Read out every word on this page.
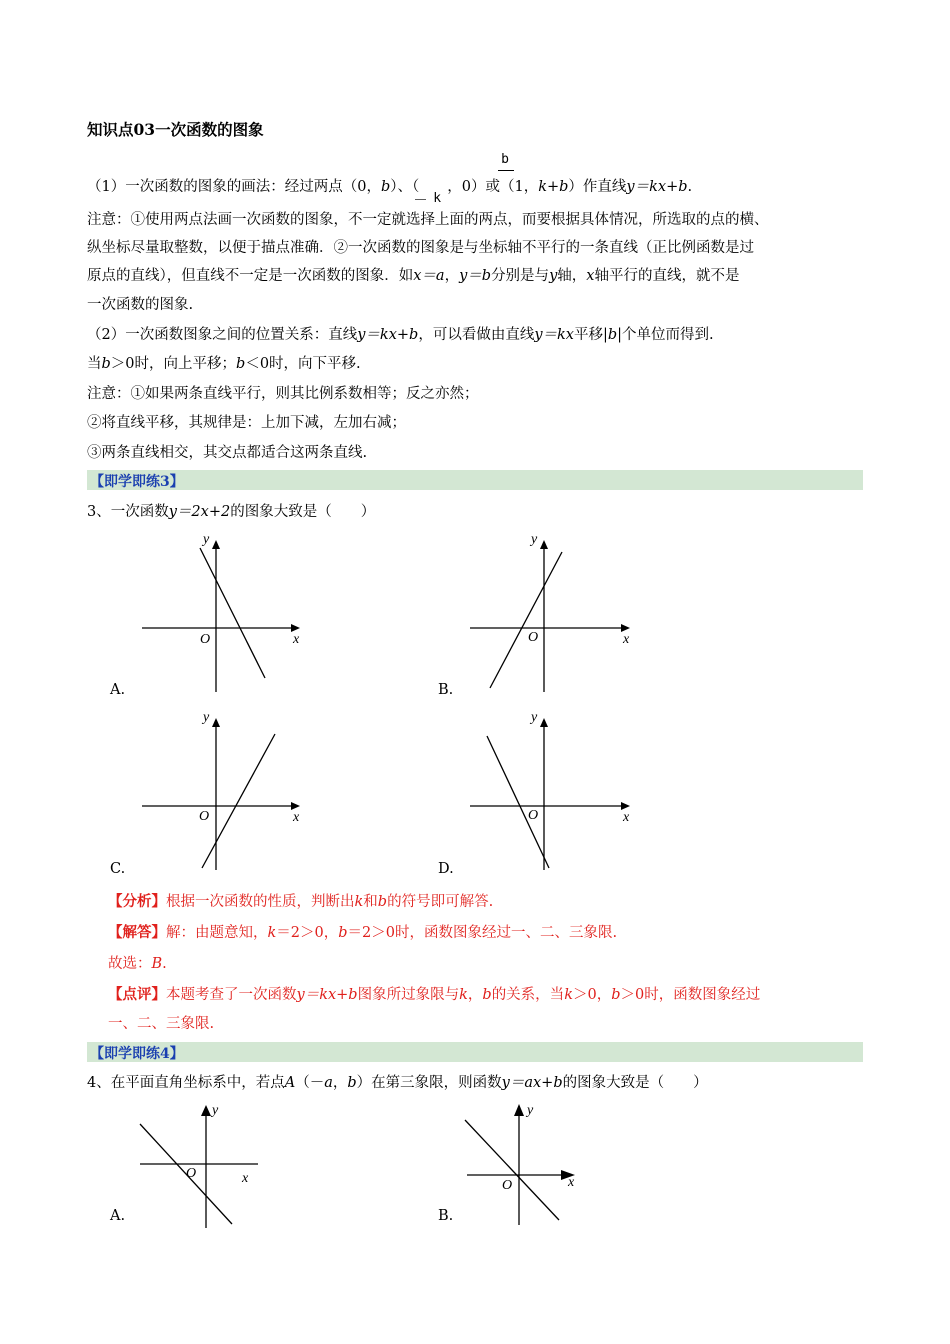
知识点03一次函数的图象
b
（1）一次函数的图象的画法：经过两点（0，b）、（
－ k
，0）或（1，k+b）作直线y＝kx+b.
注意：①使用两点法画一次函数的图象，不一定就选择上面的两点，而要根据具体情况，所选取的点的横、
纵坐标尽量取整数，以便于描点准确．②一次函数的图象是与坐标轴不平行的一条直线（正比例函数是过
原点的直线），但直线不一定是一次函数的图象．如x＝a，y＝b分别是与y轴，x轴平行的直线，就不是
一次函数的图象.
（2）一次函数图象之间的位置关系：直线y＝kx+b，可以看做由直线y＝kx平移|b|个单位而得到.
当b＞0时，向上平移；b＜0时，向下平移.
注意：①如果两条直线平行，则其比例系数相等；反之亦然；
②将直线平移，其规律是：上加下减，左加右减；
③两条直线相交，其交点都适合这两条直线.
【即学即练3】
3、一次函数y＝2x+2的图象大致是（　　）
y
x
O
A.
y
x
O
B.
y
x
O
C.
y
x
O
D.
【分析】根据一次函数的性质，判断出k和b的符号即可解答.
【解答】解：由题意知，k＝2＞0，b＝2＞0时，函数图象经过一、二、三象限.
故选：B.
【点评】本题考查了一次函数y＝kx+b图象所过象限与k，b的关系，当k＞0，b＞0时，函数图象经过
一、二、三象限.
【即学即练4】
4、在平面直角坐标系中，若点A（－a，b）在第三象限，则函数y＝ax+b的图象大致是（　　）
y
x
O
A.
y
x
O
B.
